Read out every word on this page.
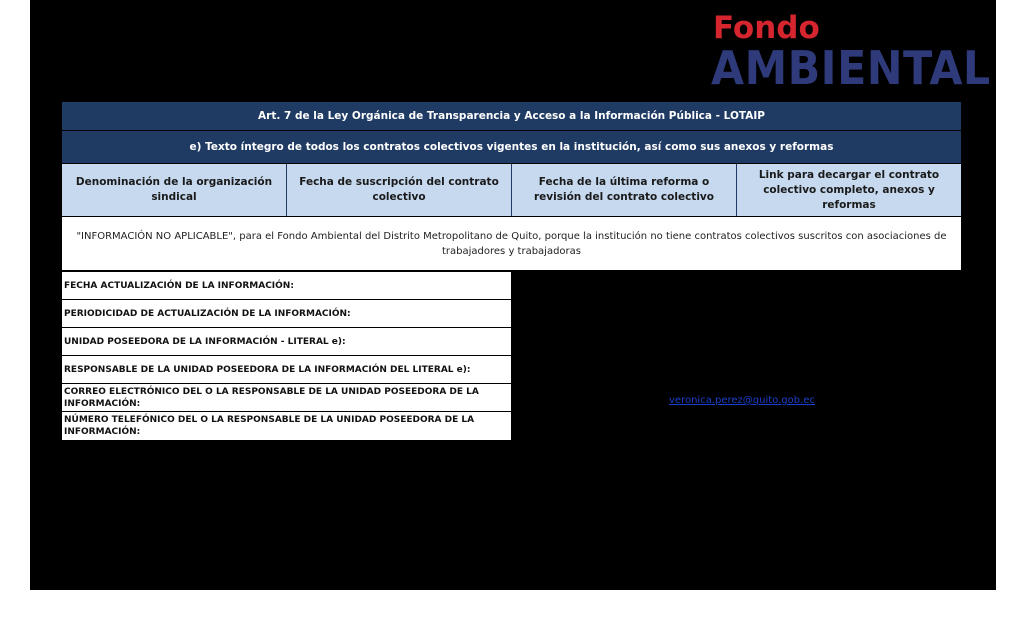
Fondo
AMBIENTAL
Art. 7 de la Ley Orgánica de Transparencia y Acceso a la Información Pública - LOTAIP
e) Texto íntegro de todos los contratos colectivos vigentes en la institución, así como sus anexos y reformas
Denominación de la organización sindical
Fecha de suscripción del contrato colectivo
Fecha de la última reforma o revisión del contrato colectivo
Link para decargar el contrato colectivo completo, anexos y reformas
"INFORMACIÓN NO APLICABLE", para el Fondo Ambiental del Distrito Metropolitano de Quito, porque la institución no tiene contratos colectivos suscritos con asociaciones de trabajadores y trabajadoras
FECHA ACTUALIZACIÓN DE LA INFORMACIÓN:
PERIODICIDAD DE ACTUALIZACIÓN DE LA INFORMACIÓN:
UNIDAD POSEEDORA DE LA INFORMACIÓN - LITERAL e):
RESPONSABLE DE LA UNIDAD POSEEDORA DE LA INFORMACIÓN DEL LITERAL e):
CORREO ELECTRÓNICO DEL O LA RESPONSABLE DE LA UNIDAD POSEEDORA DE LA INFORMACIÓN:
NÚMERO TELEFÓNICO DEL O LA RESPONSABLE DE LA UNIDAD POSEEDORA DE LA INFORMACIÓN:
veronica.perez@quito.gob.ec
